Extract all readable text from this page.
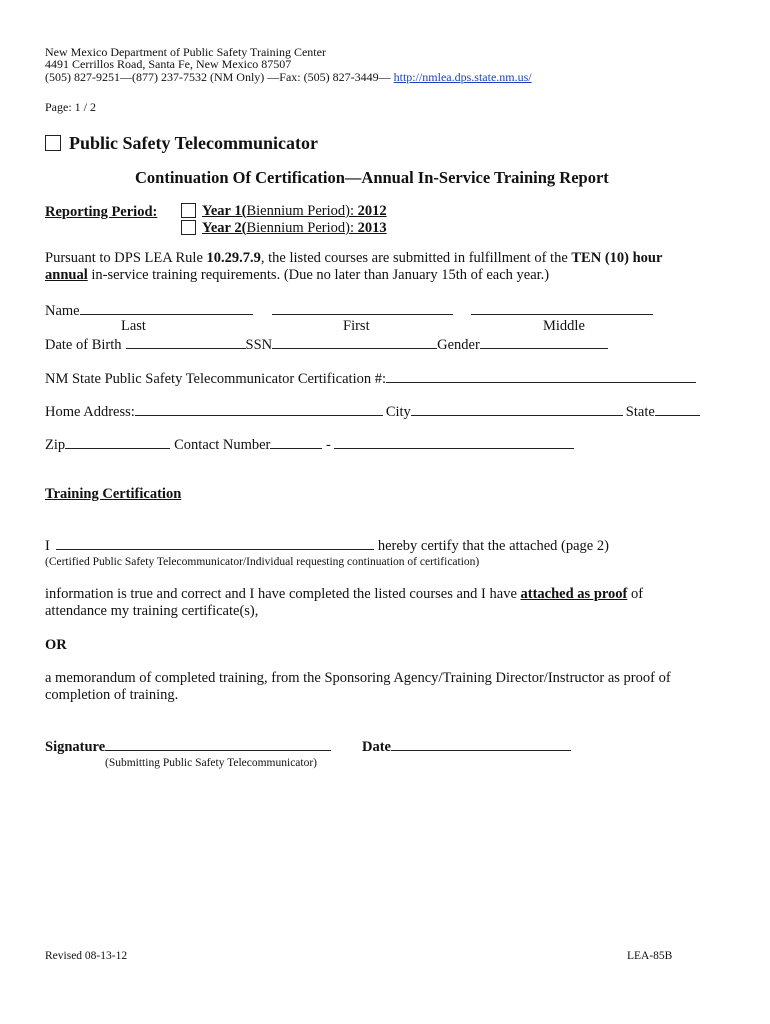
New Mexico Department of Public Safety Training Center
4491 Cerrillos Road, Santa Fe, New Mexico 87507
(505) 827-9251—(877) 237-7532 (NM Only) —Fax: (505) 827-3449— http://nmlea.dps.state.nm.us/
Page: 1 / 2
Public Safety Telecommunicator
Continuation Of Certification—Annual In-Service Training Report
Reporting Period:	Year 1(Biennium Period): 2012
Year 2(Biennium Period): 2013
Pursuant to DPS LEA Rule 10.29.7.9, the listed courses are submitted in fulfillment of the TEN (10) hour
annual in-service training requirements. (Due no later than January 15th of each year.)
Name
Last	First	Middle
Date of Birth	SSN	Gender
NM State Public Safety Telecommunicator Certification #:
Home Address:	City	State
Zip	Contact Number	-
Training Certification
I	hereby certify that the attached (page 2)
(Certified Public Safety Telecommunicator/Individual requesting continuation of certification)
information is true and correct and I have completed the listed courses and I have attached as proof of
attendance my training certificate(s),
OR
a memorandum of completed training, from the Sponsoring Agency/Training Director/Instructor as proof of
completion of training.
Signature	Date
(Submitting Public Safety Telecommunicator)
Revised 08-13-12	LEA-85B
